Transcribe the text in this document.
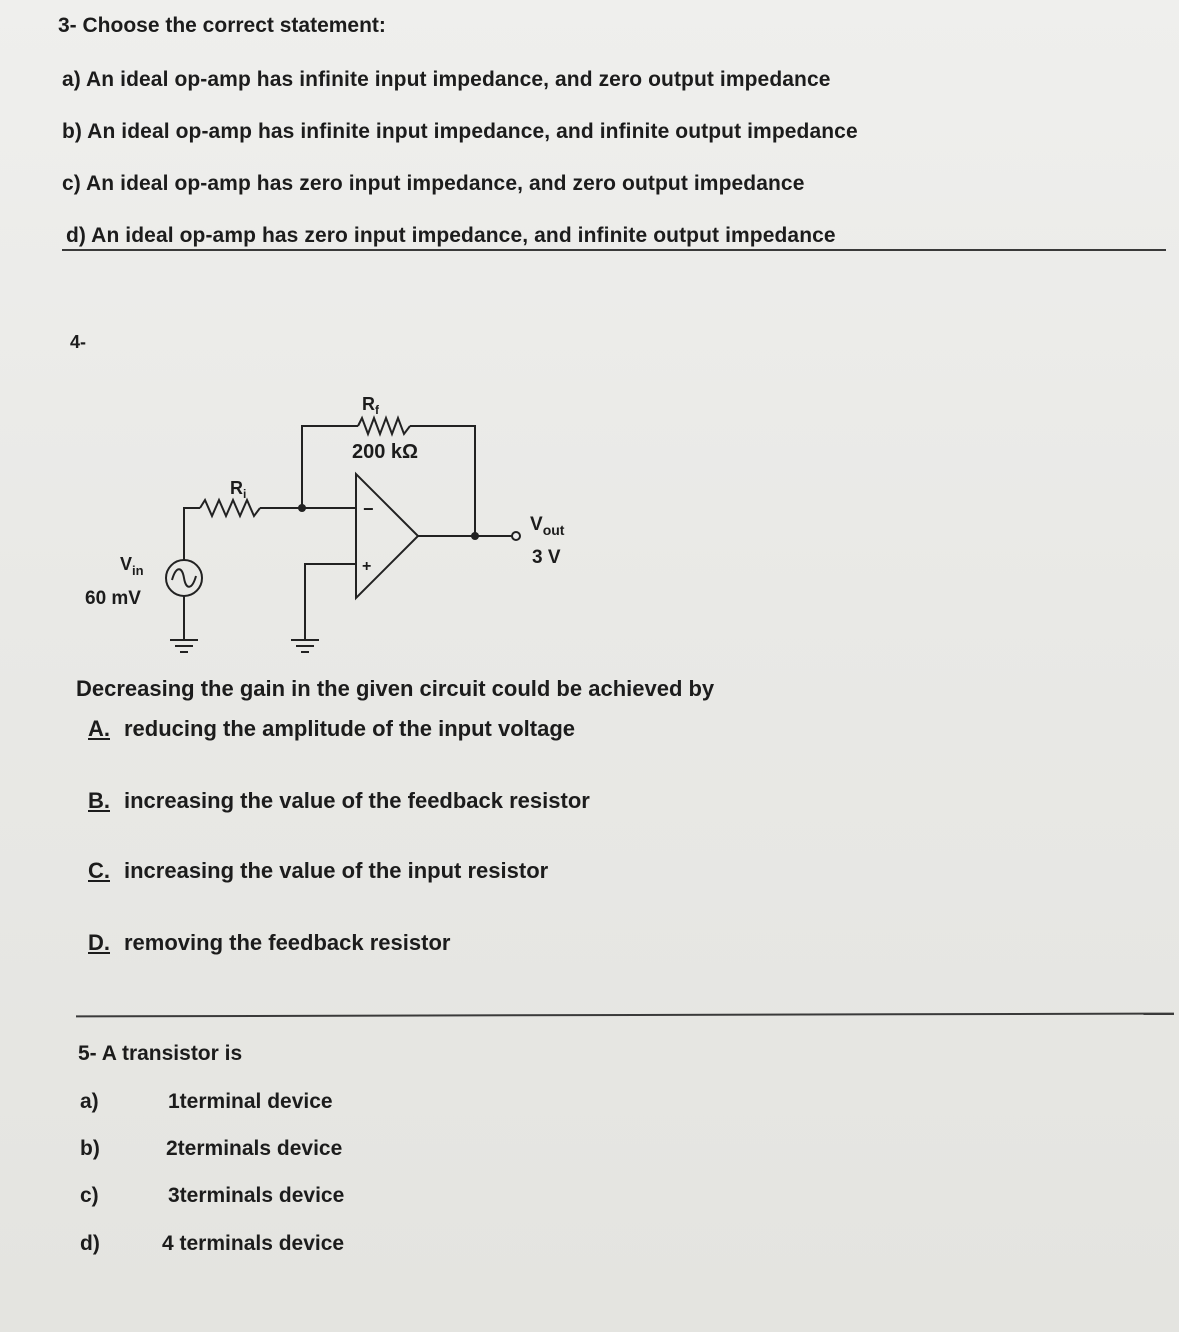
3- Choose the correct statement:
a) An ideal op-amp has infinite input impedance, and zero output impedance
b) An ideal op-amp has infinite input impedance, and infinite output impedance
c) An ideal op-amp has zero input impedance, and zero output impedance
d) An ideal op-amp has zero input impedance, and infinite output impedance
4-
$R_f$
200 kΩ
$R_i$
−
+
$V_{in}$
60 mV
$V_{out}$
3 V
Decreasing the gain in the given circuit could be achieved by
A. reducing the amplitude of the input voltage
B. increasing the value of the feedback resistor
C. increasing the value of the input resistor
D. removing the feedback resistor
5- A transistor is
a)	1terminal device
b)	2terminals device
c)	3terminals device
d)	4 terminals device
